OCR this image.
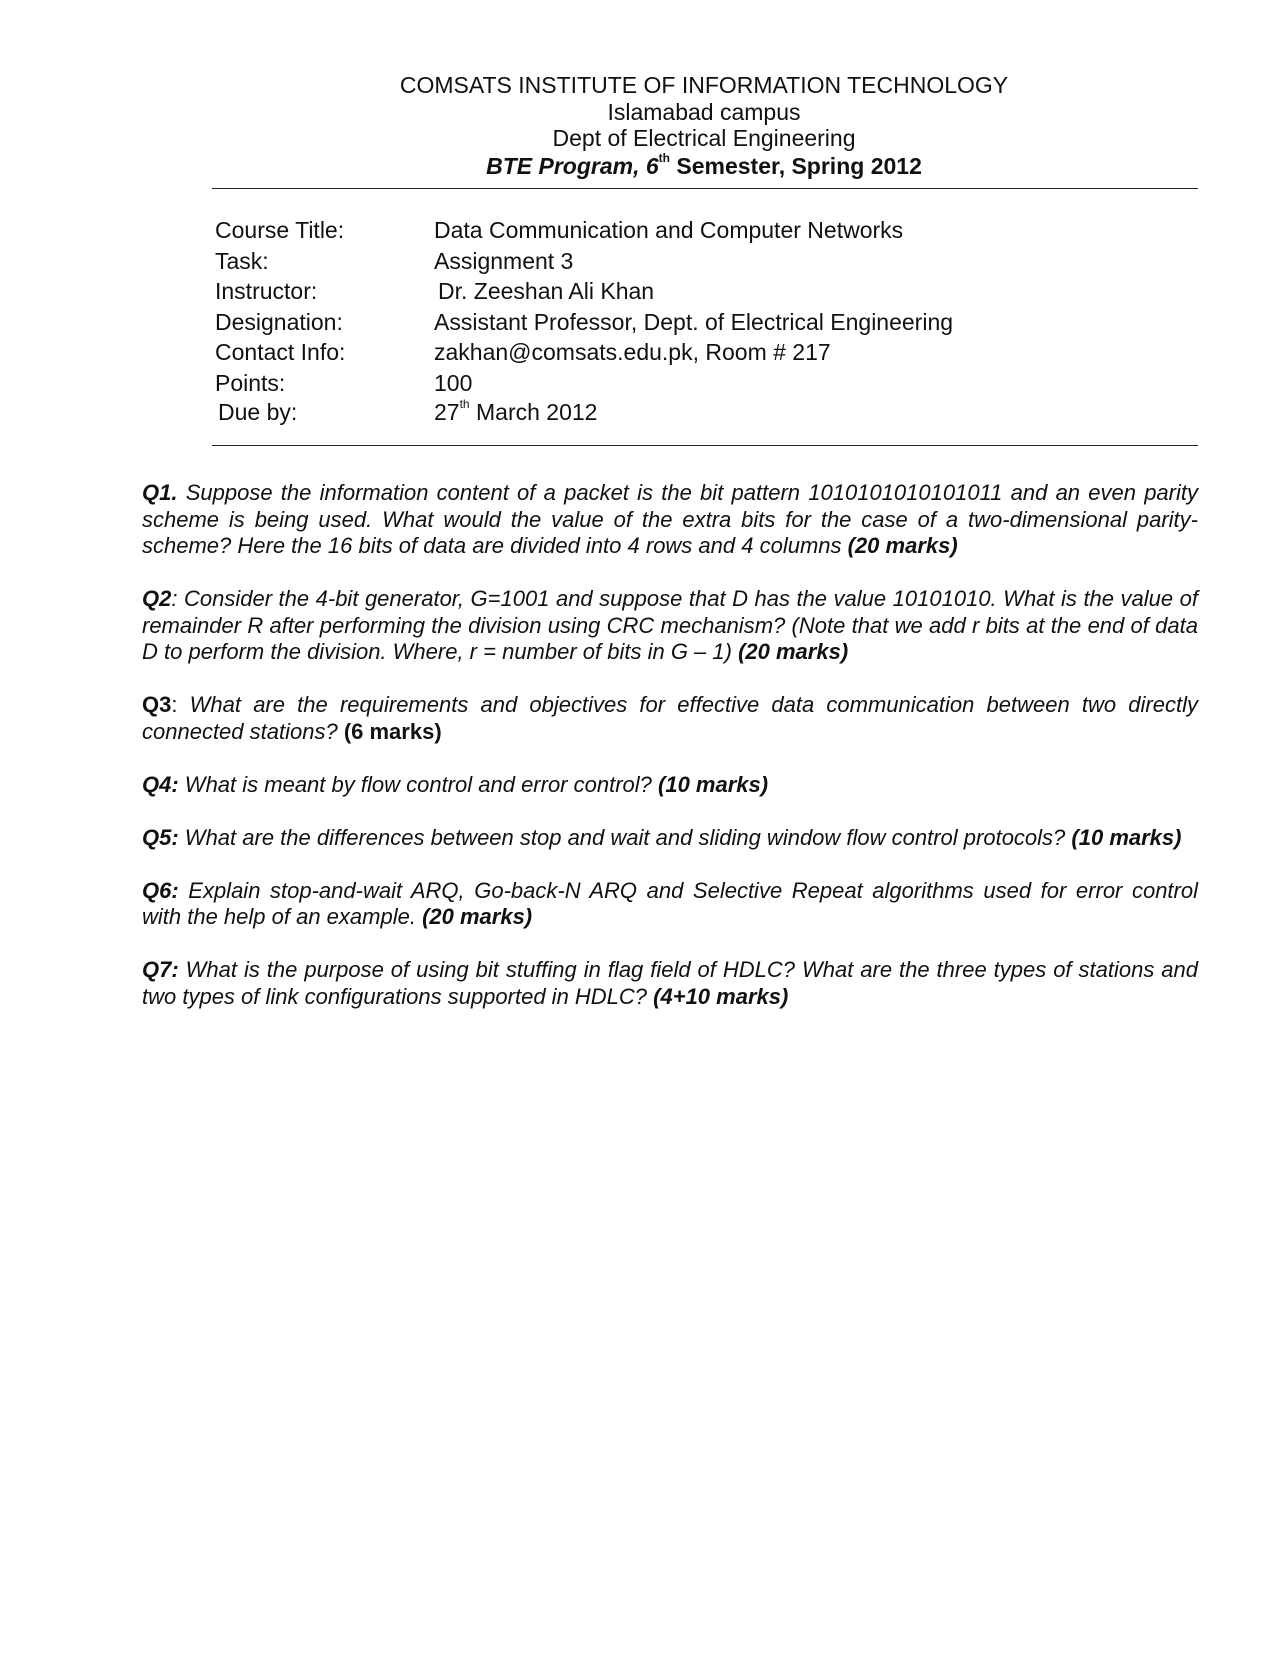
COMSATS INSTITUTE OF INFORMATION TECHNOLOGY
Islamabad campus
Dept of Electrical Engineering
BTE Program, 6th Semester, Spring 2012
Course Title:	Data Communication and Computer Networks
Task:	Assignment 3
Instructor:	Dr. Zeeshan Ali Khan
Designation:	Assistant Professor, Dept. of Electrical Engineering
Contact Info:	zakhan@comsats.edu.pk, Room # 217
Points:	100
Due by:	27th March 2012

Q1. Suppose the information content of a packet is the bit pattern 1010101010101011 and an even parity scheme is being used. What would the value of the extra bits for the case of a two-dimensional parity-scheme? Here the 16 bits of data are divided into 4 rows and 4 columns (20 marks)

Q2: Consider the 4-bit generator, G=1001 and suppose that D has the value 10101010. What is the value of remainder R after performing the division using CRC mechanism? (Note that we add r bits at the end of data D to perform the division. Where, r = number of bits in G – 1) (20 marks)

Q3: What are the requirements and objectives for effective data communication between two directly connected stations? (6 marks)

Q4: What is meant by flow control and error control? (10 marks)

Q5: What are the differences between stop and wait and sliding window flow control protocols? (10 marks)

Q6: Explain stop-and-wait ARQ, Go-back-N ARQ and Selective Repeat algorithms used for error control with the help of an example. (20 marks)

Q7: What is the purpose of using bit stuffing in flag field of HDLC? What are the three types of stations and two types of link configurations supported in HDLC? (4+10 marks)
